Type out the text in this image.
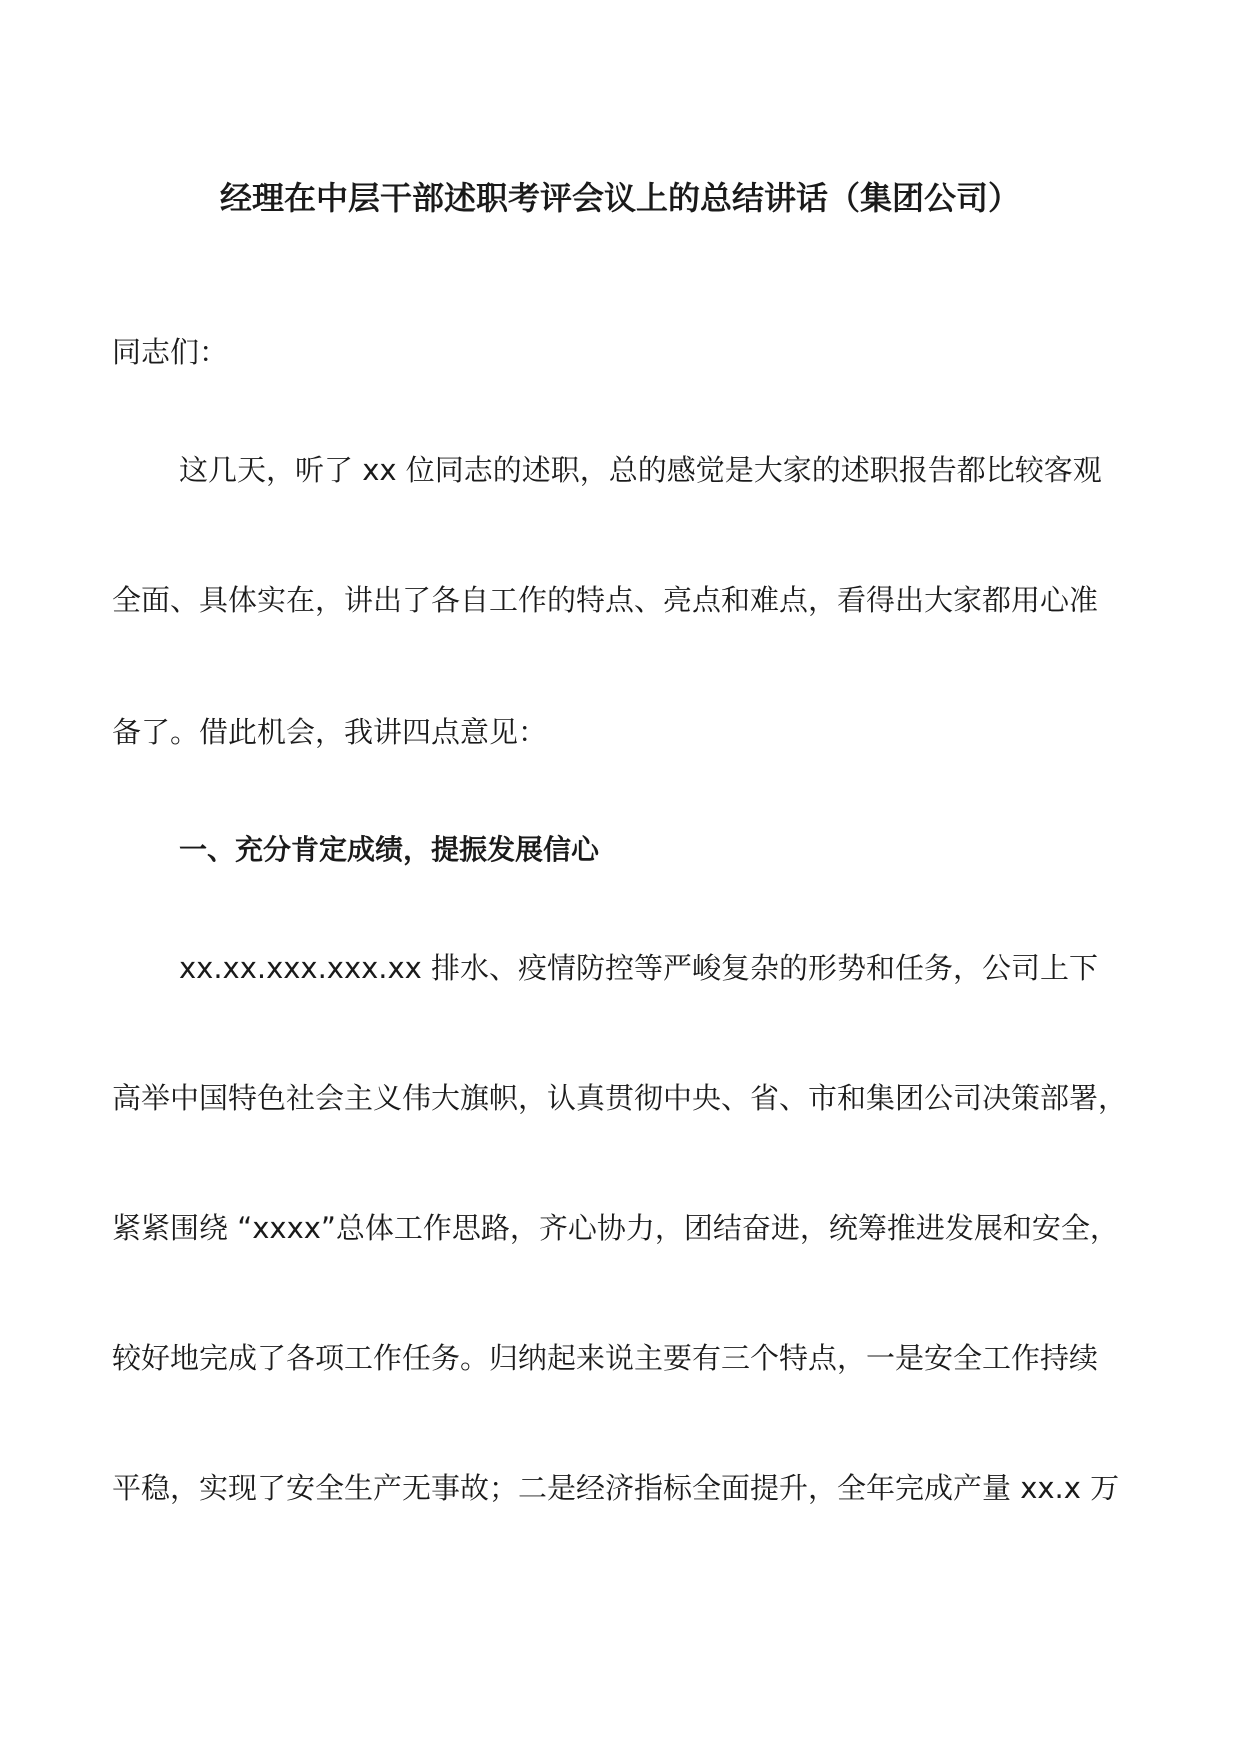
经理在中层干部述职考评会议上的总结讲话（集团公司）
同志们：
这几天，听了 xx 位同志的述职，总的感觉是大家的述职报告都比较客观
全面、具体实在，讲出了各自工作的特点、亮点和难点，看得出大家都用心准
备了。借此机会，我讲四点意见：
一、充分肯定成绩，提振发展信心
xx.xx.xxx.xxx.xx 排水、疫情防控等严峻复杂的形势和任务，公司上下
高举中国特色社会主义伟大旗帜，认真贯彻中央、省、市和集团公司决策部署，
紧紧围绕 “xxxx”总体工作思路，齐心协力，团结奋进，统筹推进发展和安全，
较好地完成了各项工作任务。归纳起来说主要有三个特点，一是安全工作持续
平稳，实现了安全生产无事故；二是经济指标全面提升，全年完成产量 xx.x 万
